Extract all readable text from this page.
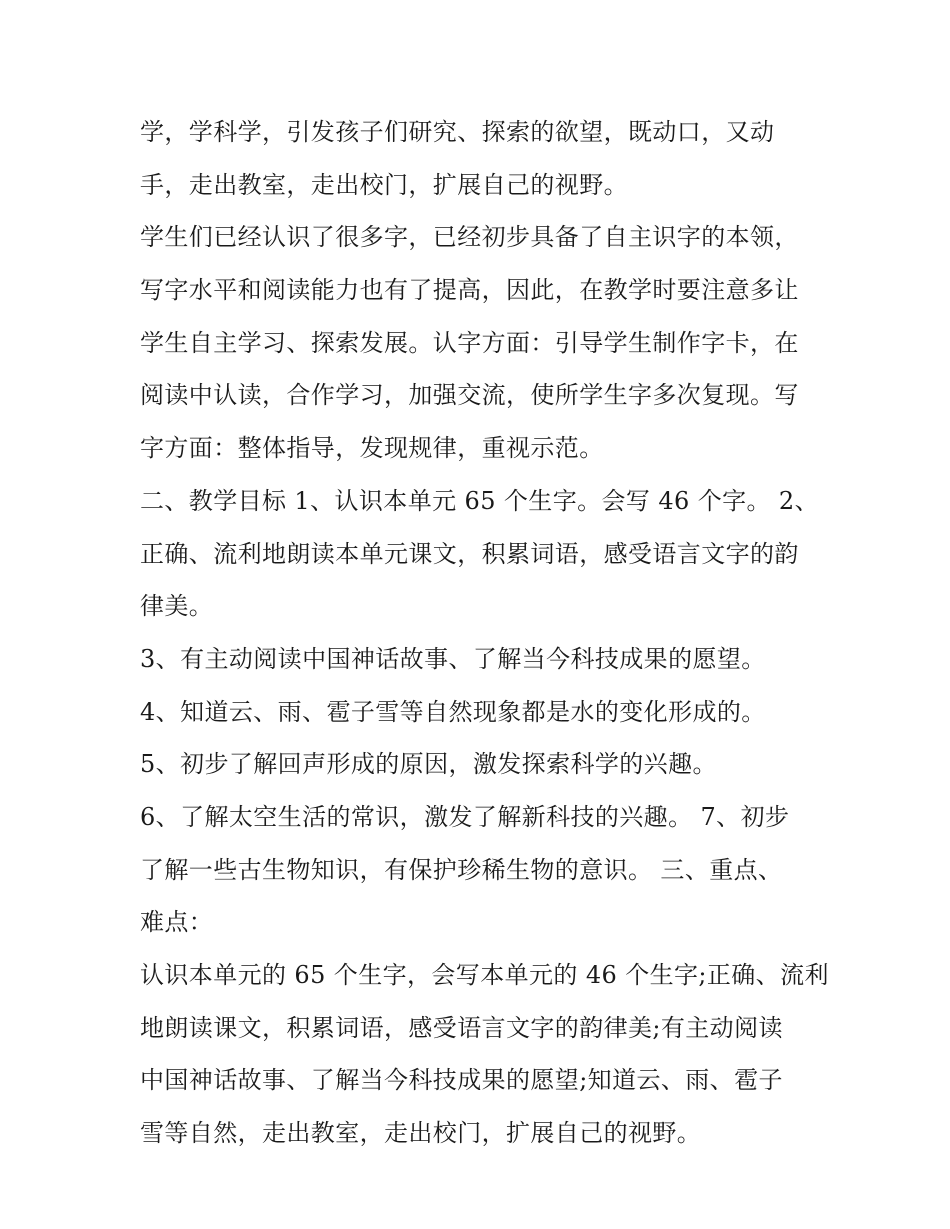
学，学科学，引发孩子们研究、探索的欲望，既动口，又动
手，走出教室，走出校门，扩展自己的视野。
学生们已经认识了很多字，已经初步具备了自主识字的本领，
写字水平和阅读能力也有了提高，因此，在教学时要注意多让
学生自主学习、探索发展。认字方面：引导学生制作字卡，在
阅读中认读，合作学习，加强交流，使所学生字多次复现。写
字方面：整体指导，发现规律，重视示范。
二、教学目标 1、认识本单元 65 个生字。会写 46 个字。 2、
正确、流利地朗读本单元课文，积累词语，感受语言文字的韵
律美。
3、有主动阅读中国神话故事、了解当今科技成果的愿望。
4、知道云、雨、雹子雪等自然现象都是水的变化形成的。
5、初步了解回声形成的原因，激发探索科学的兴趣。
6、了解太空生活的常识，激发了解新科技的兴趣。 7、初步
了解一些古生物知识，有保护珍稀生物的意识。 三、重点、
难点：
认识本单元的 65 个生字，会写本单元的 46 个生字;正确、流利
地朗读课文，积累词语，感受语言文字的韵律美;有主动阅读
中国神话故事、了解当今科技成果的愿望;知道云、雨、雹子
雪等自然，走出教室，走出校门，扩展自己的视野。
